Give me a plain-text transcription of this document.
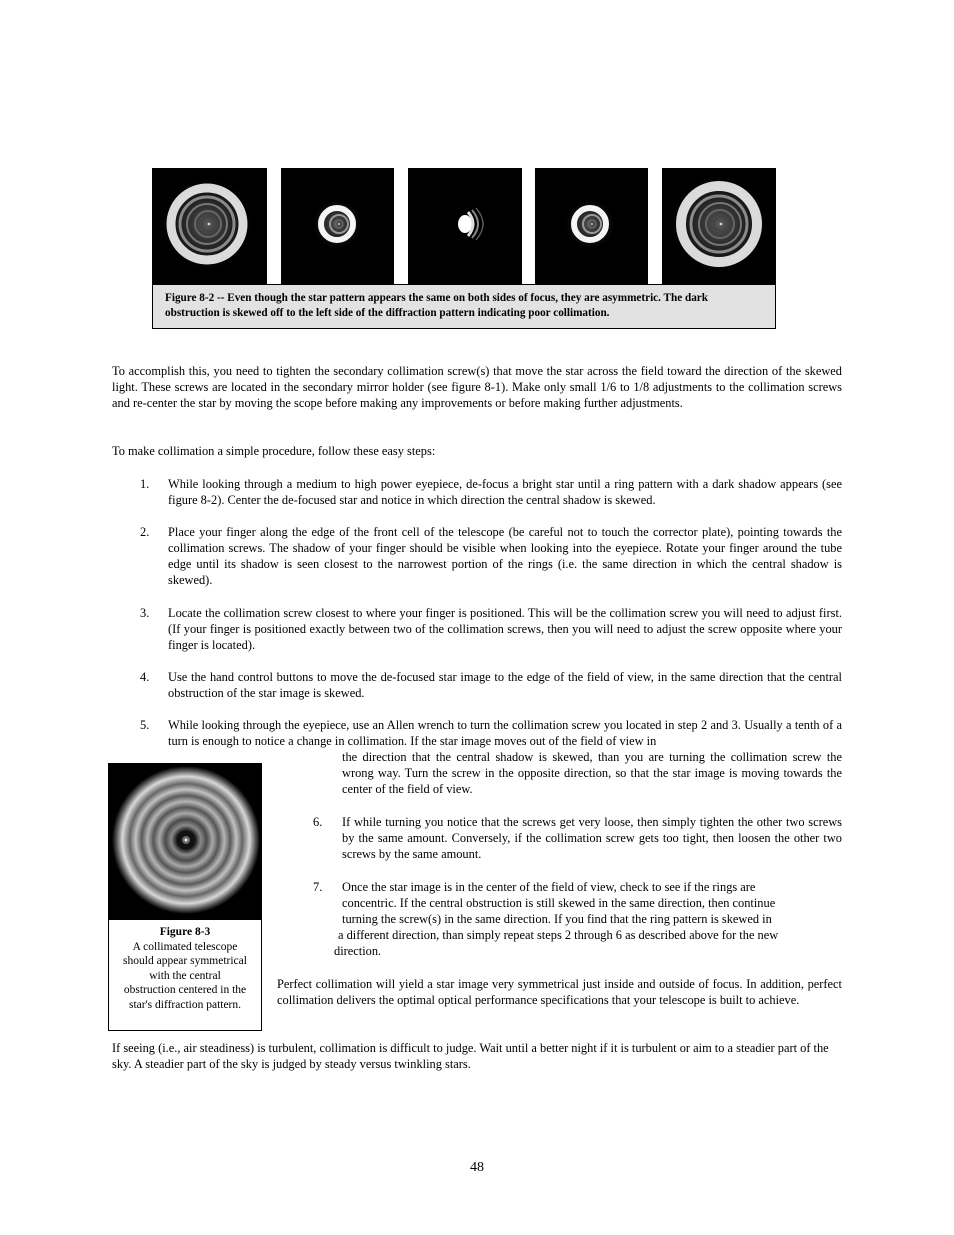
Figure 8-2 -- Even though the star pattern appears the same on both sides of focus, they are asymmetric. The dark obstruction is skewed off to the left side of the diffraction pattern indicating poor collimation.
To accomplish this, you need to tighten the secondary collimation screw(s) that move the star across the field toward the direction of the skewed light. These screws are located in the secondary mirror holder (see figure 8-1). Make only small 1/6 to 1/8 adjustments to the collimation screws and re-center the star by moving the scope before making any improvements or before making further adjustments.
To make collimation a simple procedure, follow these easy steps:
1. While looking through a medium to high power eyepiece, de-focus a bright star until a ring pattern with a dark shadow appears (see figure 8-2). Center the de-focused star and notice in which direction the central shadow is skewed.
2. Place your finger along the edge of the front cell of the telescope (be careful not to touch the corrector plate), pointing towards the collimation screws. The shadow of your finger should be visible when looking into the eyepiece. Rotate your finger around the tube edge until its shadow is seen closest to the narrowest portion of the rings (i.e. the same direction in which the central shadow is skewed).
3. Locate the collimation screw closest to where your finger is positioned. This will be the collimation screw you will need to adjust first. (If your finger is positioned exactly between two of the collimation screws, then you will need to adjust the screw opposite where your finger is located).
4. Use the hand control buttons to move the de-focused star image to the edge of the field of view, in the same direction that the central obstruction of the star image is skewed.
5. While looking through the eyepiece, use an Allen wrench to turn the collimation screw you located in step 2 and 3. Usually a tenth of a turn is enough to notice a change in collimation. If the star image moves out of the field of view in
the direction that the central shadow is skewed, than you are turning the collimation screw the wrong way. Turn the screw in the opposite direction, so that the star image is moving towards the center of the field of view.
6. If while turning you notice that the screws get very loose, then simply tighten the other two screws by the same amount. Conversely, if the collimation screw gets too tight, then loosen the other two screws by the same amount.
7. Once the star image is in the center of the field of view, check to see if the rings are
concentric. If the central obstruction is still skewed in the same direction, then continue
turning the screw(s) in the same direction. If you find that the ring pattern is skewed in
a different direction, than simply repeat steps 2 through 6 as described above for the new
direction.
Figure 8-3
A collimated telescope should appear symmetrical with the central obstruction centered in the star's diffraction pattern.
Perfect collimation will yield a star image very symmetrical just inside and outside of focus. In addition, perfect collimation delivers the optimal optical performance specifications that your telescope is built to achieve.
If seeing (i.e., air steadiness) is turbulent, collimation is difficult to judge. Wait until a better night if it is turbulent or aim to a steadier part of the sky. A steadier part of the sky is judged by steady versus twinkling stars.
48
